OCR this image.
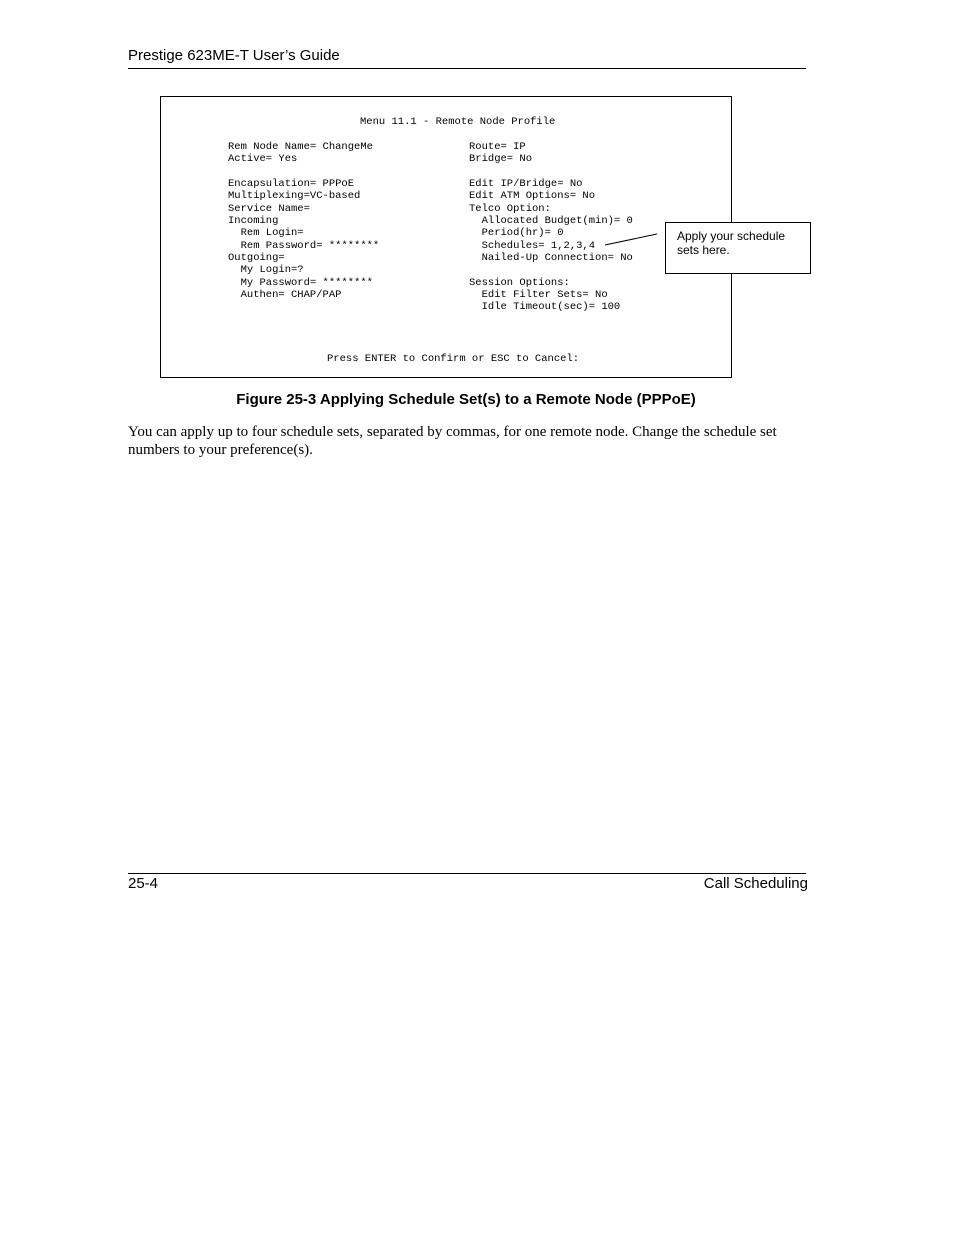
Prestige 623ME-T User’s Guide
Menu 11.1 - Remote Node Profile
Rem Node Name= ChangeMe
Active= Yes

Encapsulation= PPPoE
Multiplexing=VC-based
Service Name=
Incoming
Rem Login=
Rem Password= ********
Outgoing=
My Login=?
My Password= ********
Authen= CHAP/PAP
Route= IP
Bridge= No

Edit IP/Bridge= No
Edit ATM Options= No
Telco Option:
Allocated Budget(min)= 0
Period(hr)= 0
Schedules= 1,2,3,4
Nailed-Up Connection= No

Session Options:
Edit Filter Sets= No
Idle Timeout(sec)= 100
Press ENTER to Confirm or ESC to Cancel:
Apply your schedule sets here.
Figure 25-3 Applying Schedule Set(s) to a Remote Node (PPPoE)
You can apply up to four schedule sets, separated by commas, for one remote node. Change the schedule set numbers to your preference(s).
25-4	Call Scheduling
